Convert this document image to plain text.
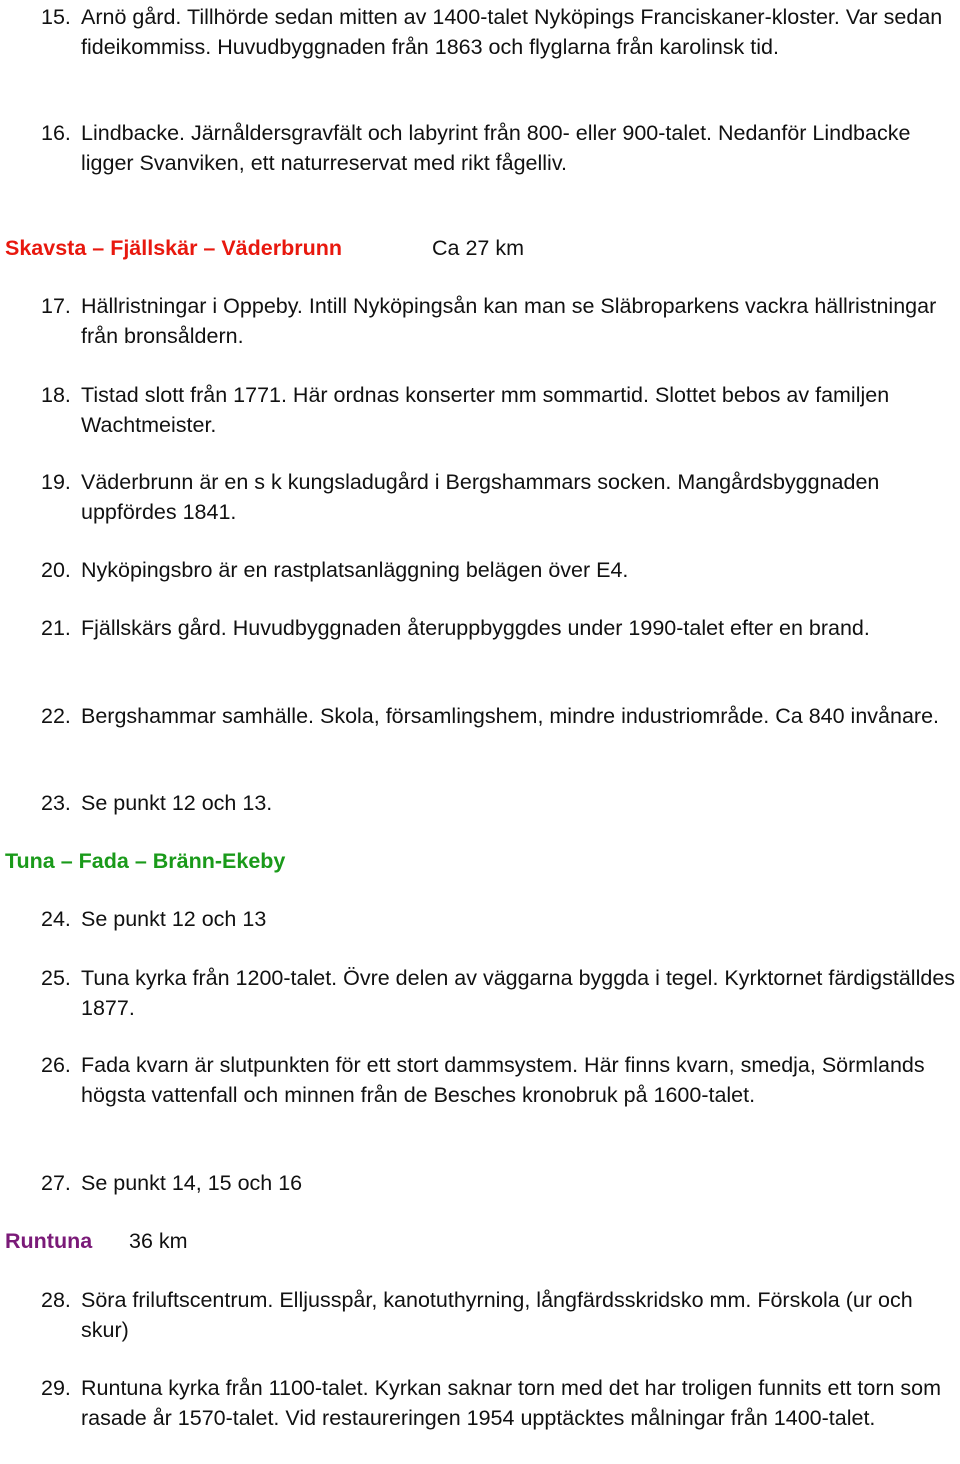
15. Arnö gård. Tillhörde sedan mitten av 1400-talet Nyköpings Franciskaner-kloster. Var sedan fideikommiss. Huvudbyggnaden från 1863 och flyglarna från karolinsk tid.
16. Lindbacke. Järnåldersgravfält och labyrint från 800- eller 900-talet. Nedanför Lindbacke ligger Svanviken, ett naturreservat med rikt fågelliv.
Skavsta – Fjällskär – Väderbrunn	Ca 27 km
17. Hällristningar i Oppeby. Intill Nyköpingsån kan man se Släbroparkens vackra hällristningar från bronsåldern.
18. Tistad slott från 1771. Här ordnas konserter mm sommartid. Slottet bebos av familjen Wachtmeister.
19. Väderbrunn är en s k kungsladugård i Bergshammars socken. Mangårdsbyggnaden uppfördes 1841.
20. Nyköpingsbro är en rastplatsanläggning belägen över E4.
21. Fjällskärs gård. Huvudbyggnaden återuppbyggdes under 1990-talet efter en brand.
22. Bergshammar samhälle. Skola, församlingshem, mindre industriområde. Ca 840 invånare.
23. Se punkt 12 och 13.
Tuna – Fada – Bränn-Ekeby
24. Se punkt 12 och 13
25. Tuna kyrka från 1200-talet. Övre delen av väggarna byggda i tegel. Kyrktornet färdigställdes 1877.
26. Fada kvarn är slutpunkten för ett stort dammsystem. Här finns kvarn, smedja, Sörmlands högsta vattenfall och minnen från de Besches kronobruk på 1600-talet.
27. Se punkt 14, 15 och 16
Runtuna 36 km
28. Söra friluftscentrum. Elljusspår, kanotuthyrning, långfärdsskridsko mm. Förskola (ur och skur)
29. Runtuna kyrka från 1100-talet. Kyrkan saknar torn med det har troligen funnits ett torn som rasade år 1570-talet. Vid restaureringen 1954 upptäcktes målningar från 1400-talet.
